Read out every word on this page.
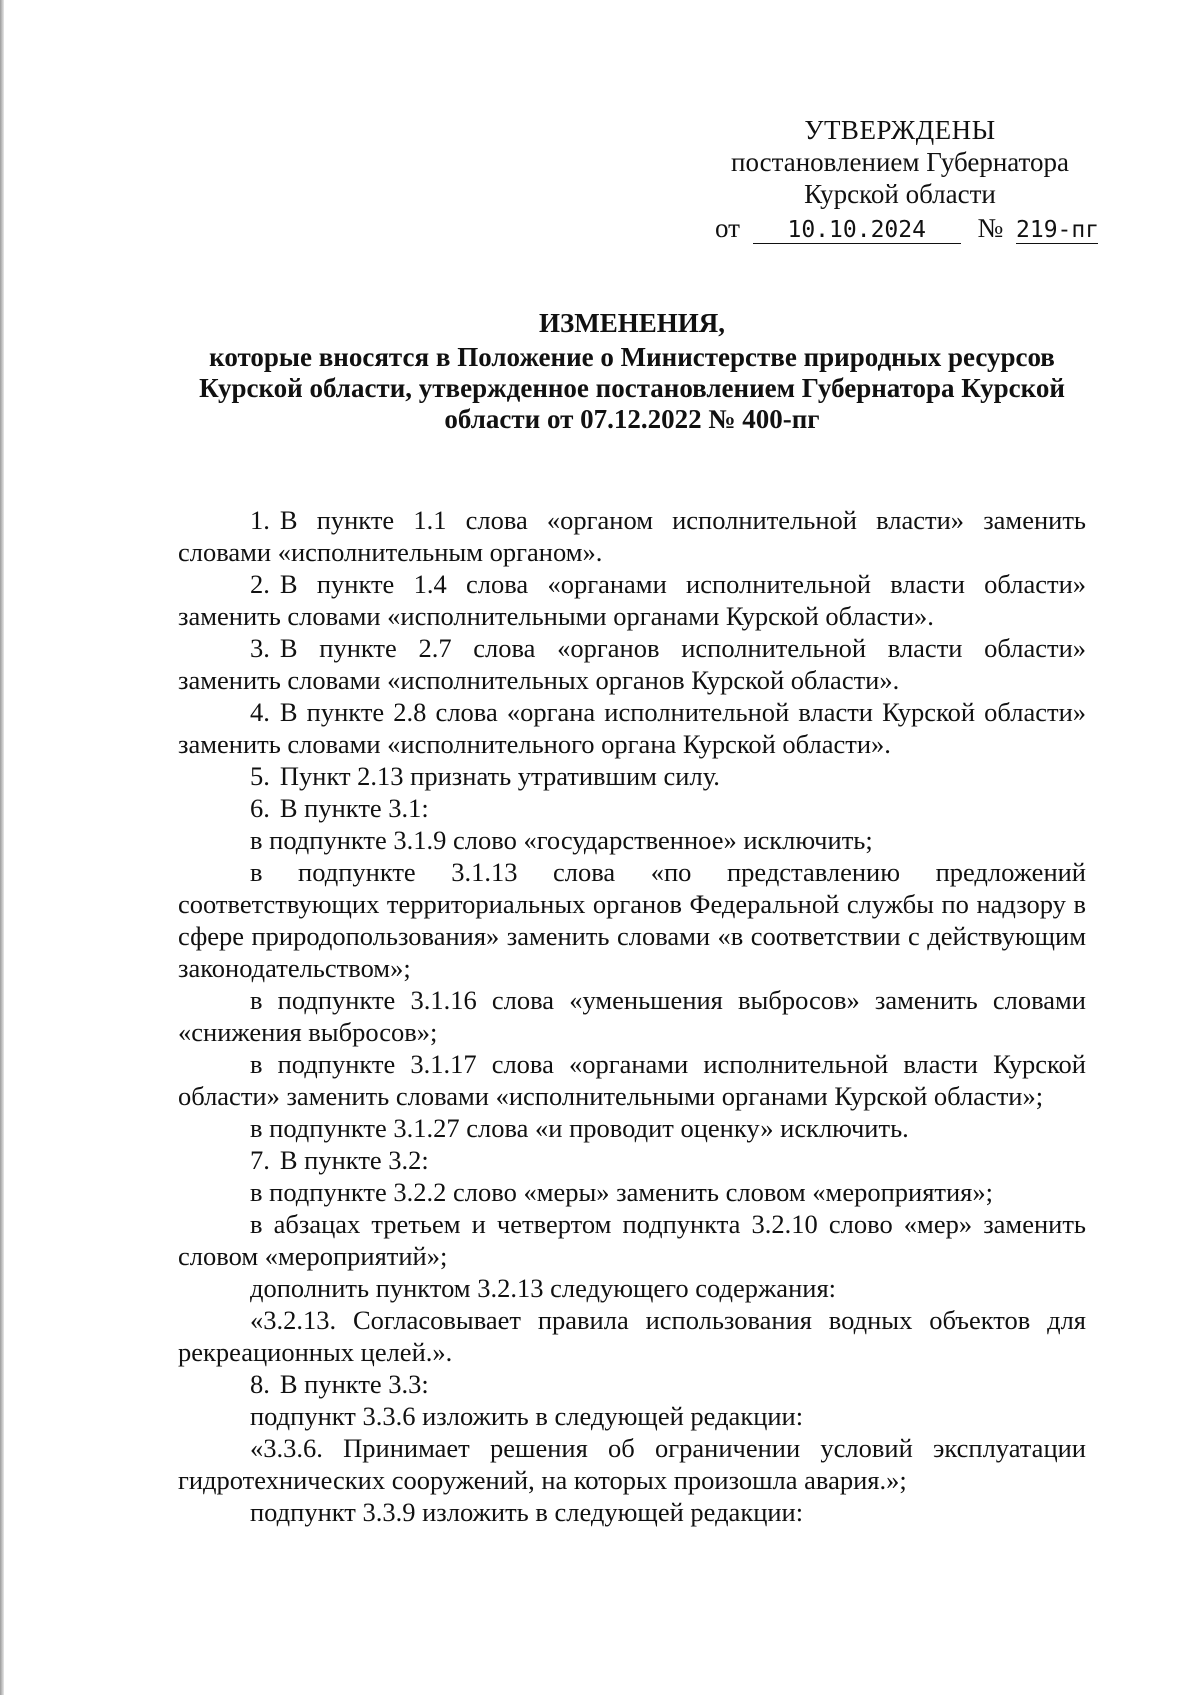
УТВЕРЖДЕНЫ
постановлением Губернатора
Курской области
от 10.10.2024 № 219-пг
ИЗМЕНЕНИЯ,
которые вносятся в Положение о Министерстве природных ресурсов Курской области, утвержденное постановлением Губернатора Курской области от 07.12.2022 № 400-пг

1. В пункте 1.1 слова «органом исполнительной власти» заменить словами «исполнительным органом».

2. В пункте 1.4 слова «органами исполнительной власти области» заменить словами «исполнительными органами Курской области».

3. В пункте 2.7 слова «органов исполнительной власти области» заменить словами «исполнительных органов Курской области».

4. В пункте 2.8 слова «органа исполнительной власти Курской области» заменить словами «исполнительного органа Курской области».

5. Пункт 2.13 признать утратившим силу.

6. В пункте 3.1:

в подпункте 3.1.9 слово «государственное» исключить;

в подпункте 3.1.13 слова «по представлению предложений соответствующих территориальных органов Федеральной службы по надзору в сфере природопользования» заменить словами «в соответствии с действующим законодательством»;

в подпункте 3.1.16 слова «уменьшения выбросов» заменить словами «снижения выбросов»;

в подпункте 3.1.17 слова «органами исполнительной власти Курской области» заменить словами «исполнительными органами Курской области»;

в подпункте 3.1.27 слова «и проводит оценку» исключить.

7. В пункте 3.2:

в подпункте 3.2.2 слово «меры» заменить словом «мероприятия»;

в абзацах третьем и четвертом подпункта 3.2.10 слово «мер» заменить словом «мероприятий»;

дополнить пунктом 3.2.13 следующего содержания:

«3.2.13. Согласовывает правила использования водных объектов для рекреационных целей.».

8. В пункте 3.3:

подпункт 3.3.6 изложить в следующей редакции:

«3.3.6. Принимает решения об ограничении условий эксплуатации гидротехнических сооружений, на которых произошла авария.»;

подпункт 3.3.9 изложить в следующей редакции:
